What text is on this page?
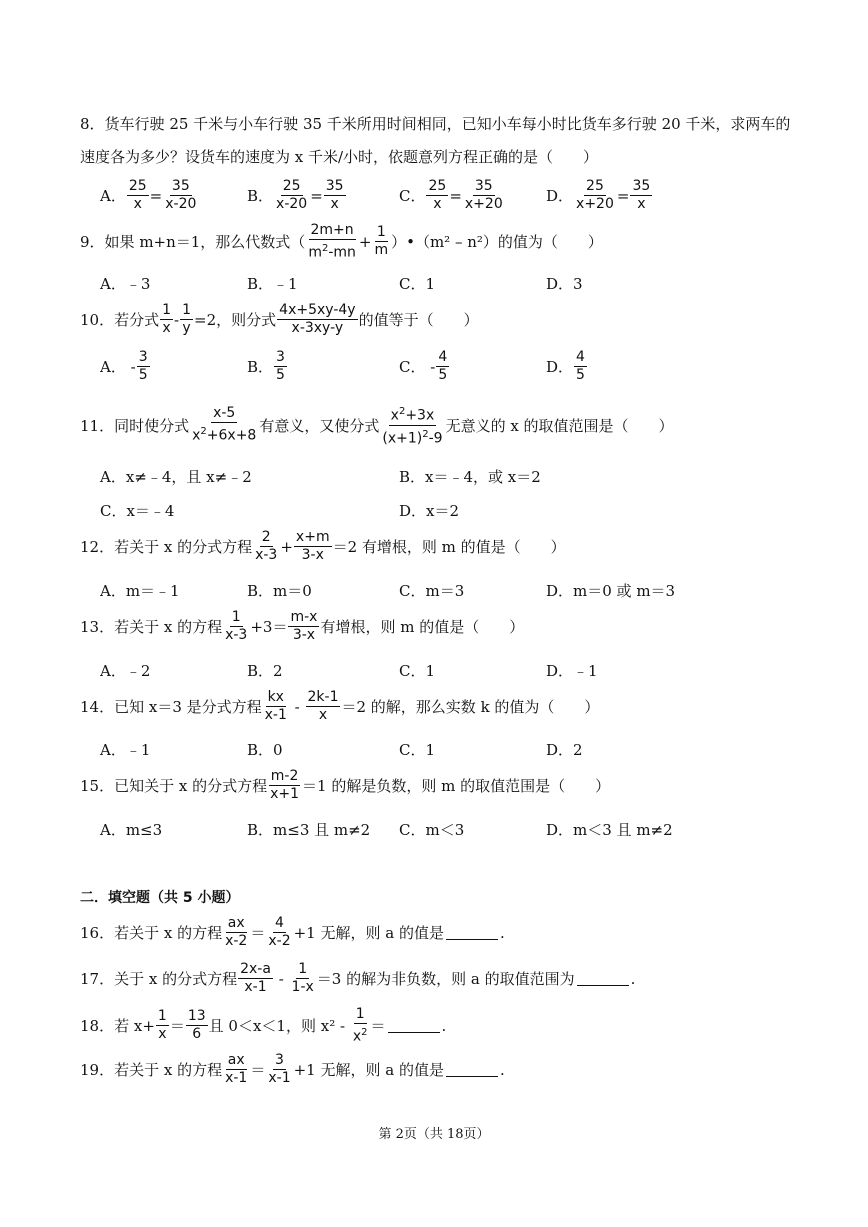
8． 货车行驶 25 千米与小车行驶 35 千米所用时间相同，已知小车每小时比货车多行驶 20 千米，求两车的
速度各为多少？设货车的速度为 x 千米/小时，依题意列方程正确的是（　　）
A．
25
x =
35
x-20	B．
25
x-20 =
35
x	C．
25
x =
35
x+20	D．
25
x+20 =
35
x
9． 如果 m+n＝1，那么代数式（
2m+n
$m^2-mn$
+
1
m ）•（m² – n²）的值为（　　）
A．﹣3	B．﹣1	C．1	D．3
10． 若分式
1
x -
1
y =2 ，则分式
4x+5xy-4y
x-3xy-y 的值等于（　　）
A． -
3
5	B．
3
5	C． -
4
5	D．
4
5
11． 同时使分式
x-5
$x^2+6x+8$
有意义，又使分式
$x^2+3x$
$(x+1)^2-9$
无意义的 x 的取值范围是（　　）
A．x≠﹣4，且 x≠﹣2	B．x＝﹣4，或 x＝2
C．x＝﹣4	D．x＝2
12． 若关于 x 的分式方程
2
x-3 +
x+m
3-x ＝2 有增根，则 m 的值是（　　）
A．m＝﹣1	B．m＝0	C．m＝3	D．m＝0 或 m＝3
13． 若关于 x 的方程
1
x-3 +3＝
m-x
3-x 有增根，则 m 的值是（　　）
A．﹣2	B．2	C．1	D．﹣1
14． 已知 x＝3 是分式方程
kx
x-1 -
2k-1
x ＝2 的解，那么实数 k 的值为（　　）
A．﹣1	B．0	C．1	D．2
15． 已知关于 x 的分式方程
m-2
x+1 ＝1 的解是负数，则 m 的取值范围是（　　）
A．m≤3	B．m≤3 且 m≠2 C．m＜3	D．m＜3 且 m≠2
二．填空题（共 5 小题）
16． 若关于 x 的方程
ax
x-2 ＝
4
x-2 +1 无解，则 a 的值是	.
17． 关于 x 的分式方程
2x-a
x-1 -
1
1-x ＝3 的解为非负数，则 a 的取值范围为	.
18． 若 $x+ \frac{1}{x}$ ＝
13
6 且 0＜x＜1，则 x² -

1
$x^2$ ＝	.
19． 若关于 x 的方程
ax
x-1 ＝
3
x-1 +1 无解，则 a 的值是	.
第 2页（共 18页）
